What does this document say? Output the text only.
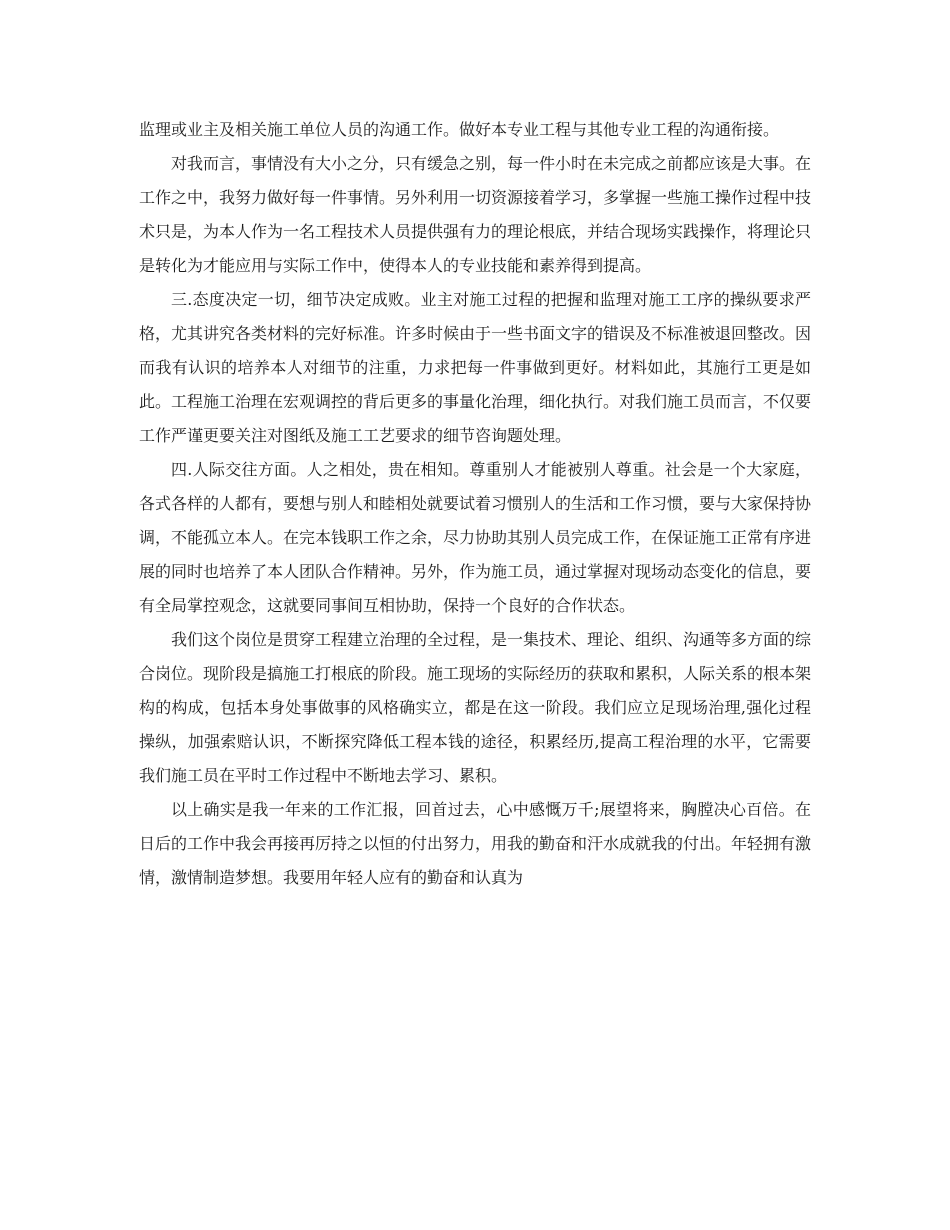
监理或业主及相关施工单位人员的沟通工作。做好本专业工程与其他专业工程的沟通衔接。

对我而言，事情没有大小之分，只有缓急之别，每一件小时在未完成之前都应该是大事。在工作之中，我努力做好每一件事情。另外利用一切资源接着学习，多掌握一些施工操作过程中技术只是，为本人作为一名工程技术人员提供强有力的理论根底，并结合现场实践操作，将理论只是转化为才能应用与实际工作中，使得本人的专业技能和素养得到提高。

三.态度决定一切，细节决定成败。业主对施工过程的把握和监理对施工工序的操纵要求严格，尤其讲究各类材料的完好标准。许多时候由于一些书面文字的错误及不标准被退回整改。因而我有认识的培养本人对细节的注重，力求把每一件事做到更好。材料如此，其施行工更是如此。工程施工治理在宏观调控的背后更多的事量化治理，细化执行。对我们施工员而言，不仅要工作严谨更要关注对图纸及施工工艺要求的细节咨询题处理。

四.人际交往方面。人之相处，贵在相知。尊重别人才能被别人尊重。社会是一个大家庭，各式各样的人都有，要想与别人和睦相处就要试着习惯别人的生活和工作习惯，要与大家保持协调，不能孤立本人。在完本钱职工作之余，尽力协助其别人员完成工作，在保证施工正常有序进展的同时也培养了本人团队合作精神。另外，作为施工员，通过掌握对现场动态变化的信息，要有全局掌控观念，这就要同事间互相协助，保持一个良好的合作状态。

我们这个岗位是贯穿工程建立治理的全过程，是一集技术、理论、组织、沟通等多方面的综合岗位。现阶段是搞施工打根底的阶段。施工现场的实际经历的获取和累积，人际关系的根本架构的构成，包括本身处事做事的风格确实立，都是在这一阶段。我们应立足现场治理,强化过程操纵，加强索赔认识，不断探究降低工程本钱的途径，积累经历,提高工程治理的水平，它需要我们施工员在平时工作过程中不断地去学习、累积。

以上确实是我一年来的工作汇报，回首过去，心中感慨万千;展望将来，胸膛决心百倍。在日后的工作中我会再接再厉持之以恒的付出努力，用我的勤奋和汗水成就我的付出。年轻拥有激情，激情制造梦想。我要用年轻人应有的勤奋和认真为
